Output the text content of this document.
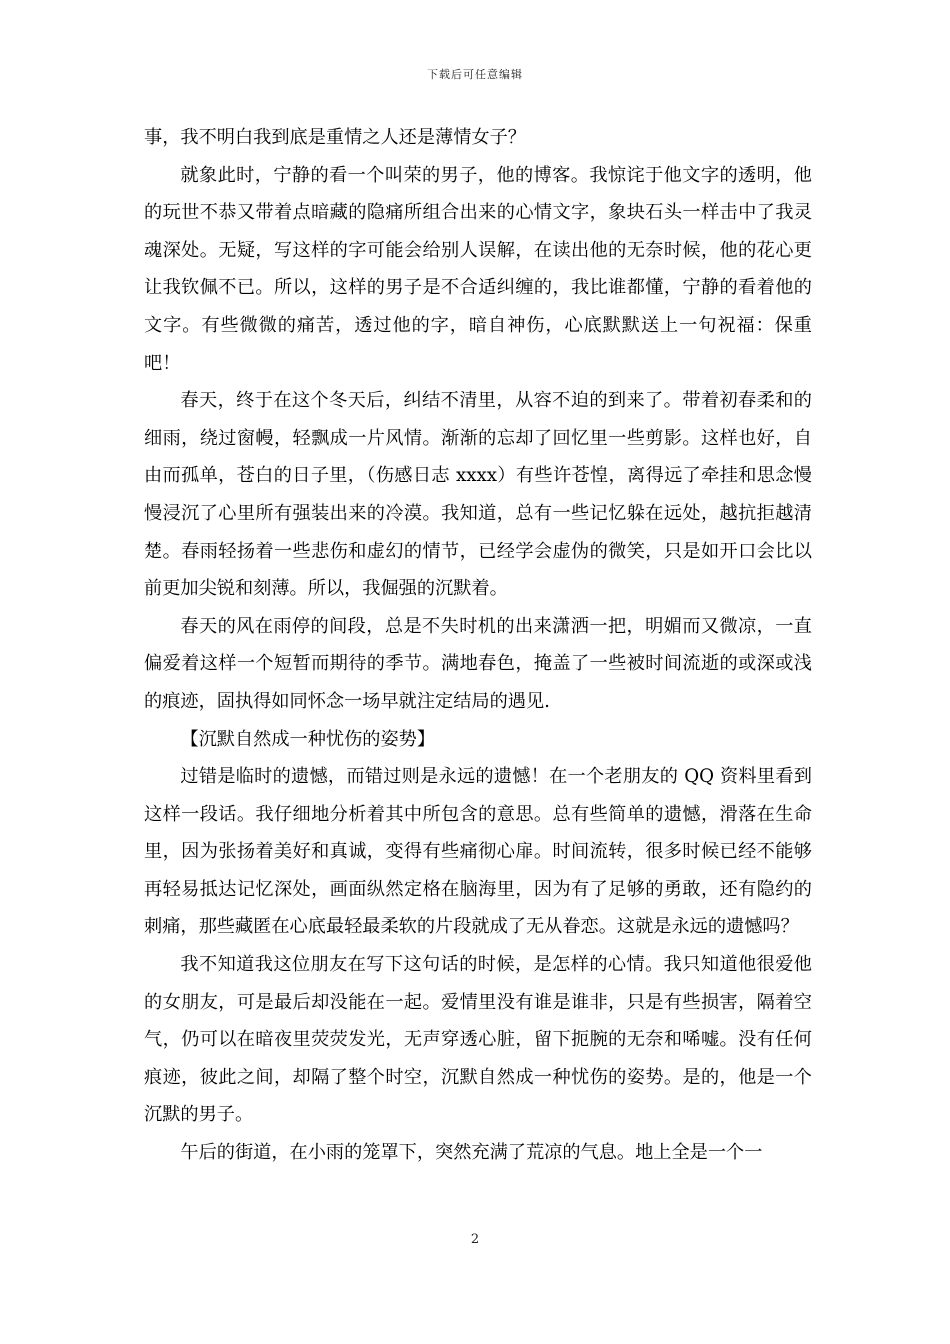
下载后可任意编辑

事，我不明白我到底是重情之人还是薄情女子？

就象此时，宁静的看一个叫荣的男子，他的博客。我惊诧于他文字的透明，他的玩世不恭又带着点暗藏的隐痛所组合出来的心情文字，象块石头一样击中了我灵魂深处。无疑，写这样的字可能会给别人误解，在读出他的无奈时候，他的花心更让我钦佩不已。所以，这样的男子是不合适纠缠的，我比谁都懂，宁静的看着他的文字。有些微微的痛苦，透过他的字，暗自神伤，心底默默送上一句祝福：保重吧！

春天，终于在这个冬天后，纠结不清里，从容不迫的到来了。带着初春柔和的细雨，绕过窗幔，轻飘成一片风情。渐渐的忘却了回忆里一些剪影。这样也好，自由而孤单，苍白的日子里，（伤感日志 xxxx）有些许苍惶，离得远了牵挂和思念慢慢浸沉了心里所有强装出来的冷漠。我知道，总有一些记忆躲在远处，越抗拒越清楚。春雨轻扬着一些悲伤和虚幻的情节，已经学会虚伪的微笑，只是如开口会比以前更加尖锐和刻薄。所以，我倔强的沉默着。

春天的风在雨停的间段，总是不失时机的出来潇洒一把，明媚而又微凉，一直偏爱着这样一个短暂而期待的季节。满地春色，掩盖了一些被时间流逝的或深或浅的痕迹，固执得如同怀念一场早就注定结局的遇见.

【沉默自然成一种忧伤的姿势】

过错是临时的遗憾，而错过则是永远的遗憾！在一个老朋友的 QQ 资料里看到这样一段话。我仔细地分析着其中所包含的意思。总有些简单的遗憾，滑落在生命里，因为张扬着美好和真诚，变得有些痛彻心扉。时间流转，很多时候已经不能够再轻易抵达记忆深处，画面纵然定格在脑海里，因为有了足够的勇敢，还有隐约的刺痛，那些藏匿在心底最轻最柔软的片段就成了无从眷恋。这就是永远的遗憾吗？

我不知道我这位朋友在写下这句话的时候，是怎样的心情。我只知道他很爱他的女朋友，可是最后却没能在一起。爱情里没有谁是谁非，只是有些损害，隔着空气，仍可以在暗夜里荧荧发光，无声穿透心脏，留下扼腕的无奈和唏嘘。没有任何痕迹，彼此之间，却隔了整个时空，沉默自然成一种忧伤的姿势。是的，他是一个沉默的男子。

午后的街道，在小雨的笼罩下，突然充满了荒凉的气息。地上全是一个一

2
